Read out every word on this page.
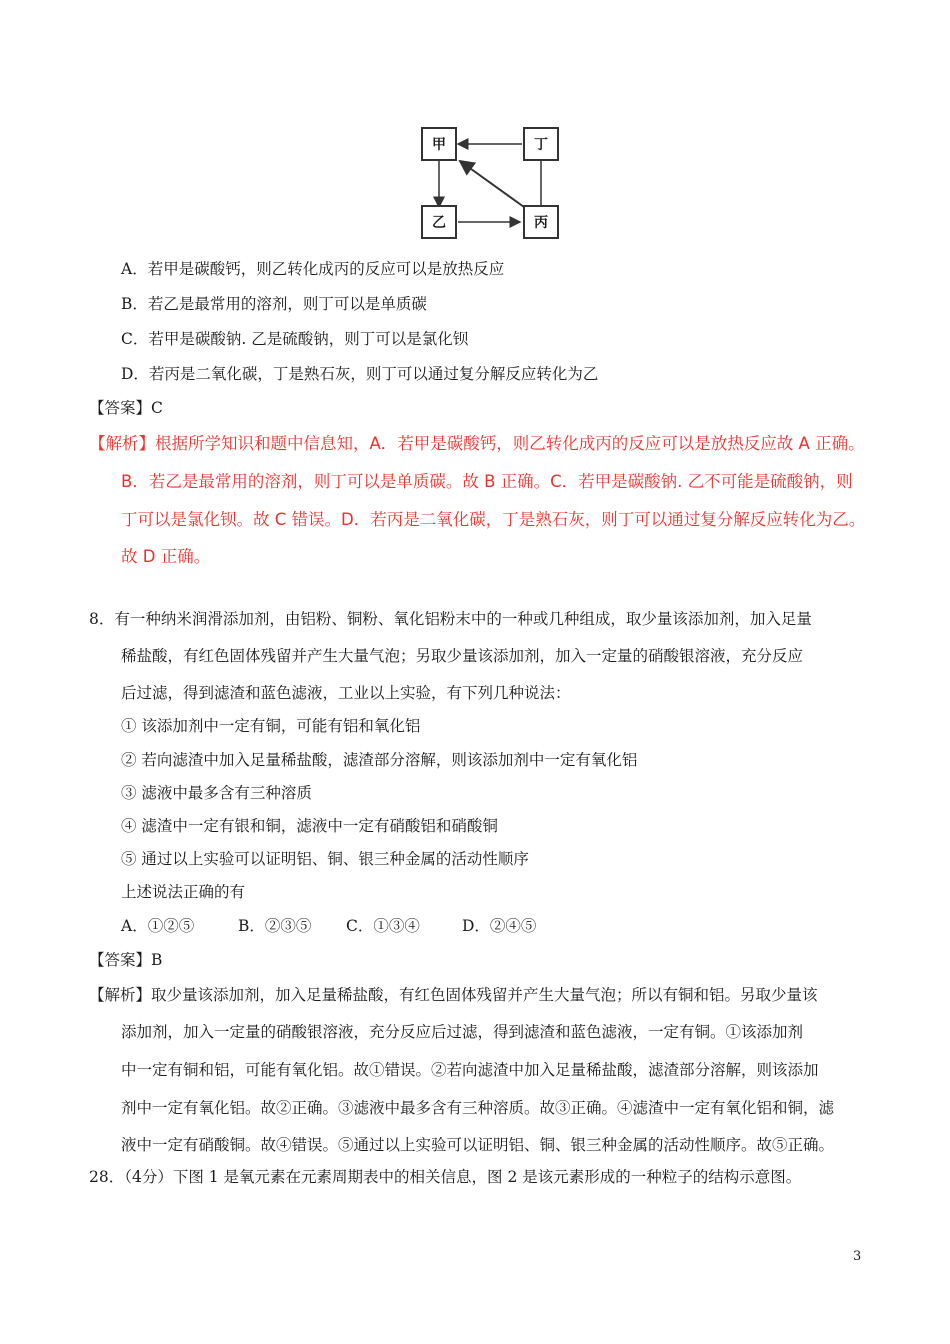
甲	丁
乙	丙
A．若甲是碳酸钙，则乙转化成丙的反应可以是放热反应
B．若乙是最常用的溶剂，则丁可以是单质碳
C．若甲是碳酸钠. 乙是硫酸钠，则丁可以是氯化钡
D．若丙是二氧化碳，丁是熟石灰，则丁可以通过复分解反应转化为乙
【答案】C
【解析】根据所学知识和题中信息知，A．若甲是碳酸钙，则乙转化成丙的反应可以是放热反应故 A 正确。
B．若乙是最常用的溶剂，则丁可以是单质碳。故 B 正确。C．若甲是碳酸钠. 乙不可能是硫酸钠，则
丁可以是氯化钡。故 C 错误。D．若丙是二氧化碳，丁是熟石灰，则丁可以通过复分解反应转化为乙。
故 D 正确。
8．有一种纳米润滑添加剂，由铝粉、铜粉、氧化铝粉末中的一种或几种组成，取少量该添加剂，加入足量
稀盐酸，有红色固体残留并产生大量气泡；另取少量该添加剂，加入一定量的硝酸银溶液，充分反应
后过滤，得到滤渣和蓝色滤液，工业以上实验，有下列几种说法：
① 该添加剂中一定有铜，可能有铝和氧化铝
② 若向滤渣中加入足量稀盐酸，滤渣部分溶解，则该添加剂中一定有氧化铝
③ 滤液中最多含有三种溶质
④ 滤渣中一定有银和铜，滤液中一定有硝酸铝和硝酸铜
⑤ 通过以上实验可以证明铝、铜、银三种金属的活动性顺序
上述说法正确的有
A．①②⑤	B．②③⑤ C．①③④	D．②④⑤
【答案】B
【解析】取少量该添加剂，加入足量稀盐酸，有红色固体残留并产生大量气泡；所以有铜和铝。另取少量该
添加剂，加入一定量的硝酸银溶液，充分反应后过滤，得到滤渣和蓝色滤液，一定有铜。①该添加剂
中一定有铜和铝，可能有氧化铝。故①错误。②若向滤渣中加入足量稀盐酸，滤渣部分溶解，则该添加
剂中一定有氧化铝。故②正确。③滤液中最多含有三种溶质。故③正确。④滤渣中一定有氧化铝和铜，滤
液中一定有硝酸铜。故④错误。⑤通过以上实验可以证明铝、铜、银三种金属的活动性顺序。故⑤正确。
28．（4分）下图 1 是氧元素在元素周期表中的相关信息，图 2 是该元素形成的一种粒子的结构示意图。
3
